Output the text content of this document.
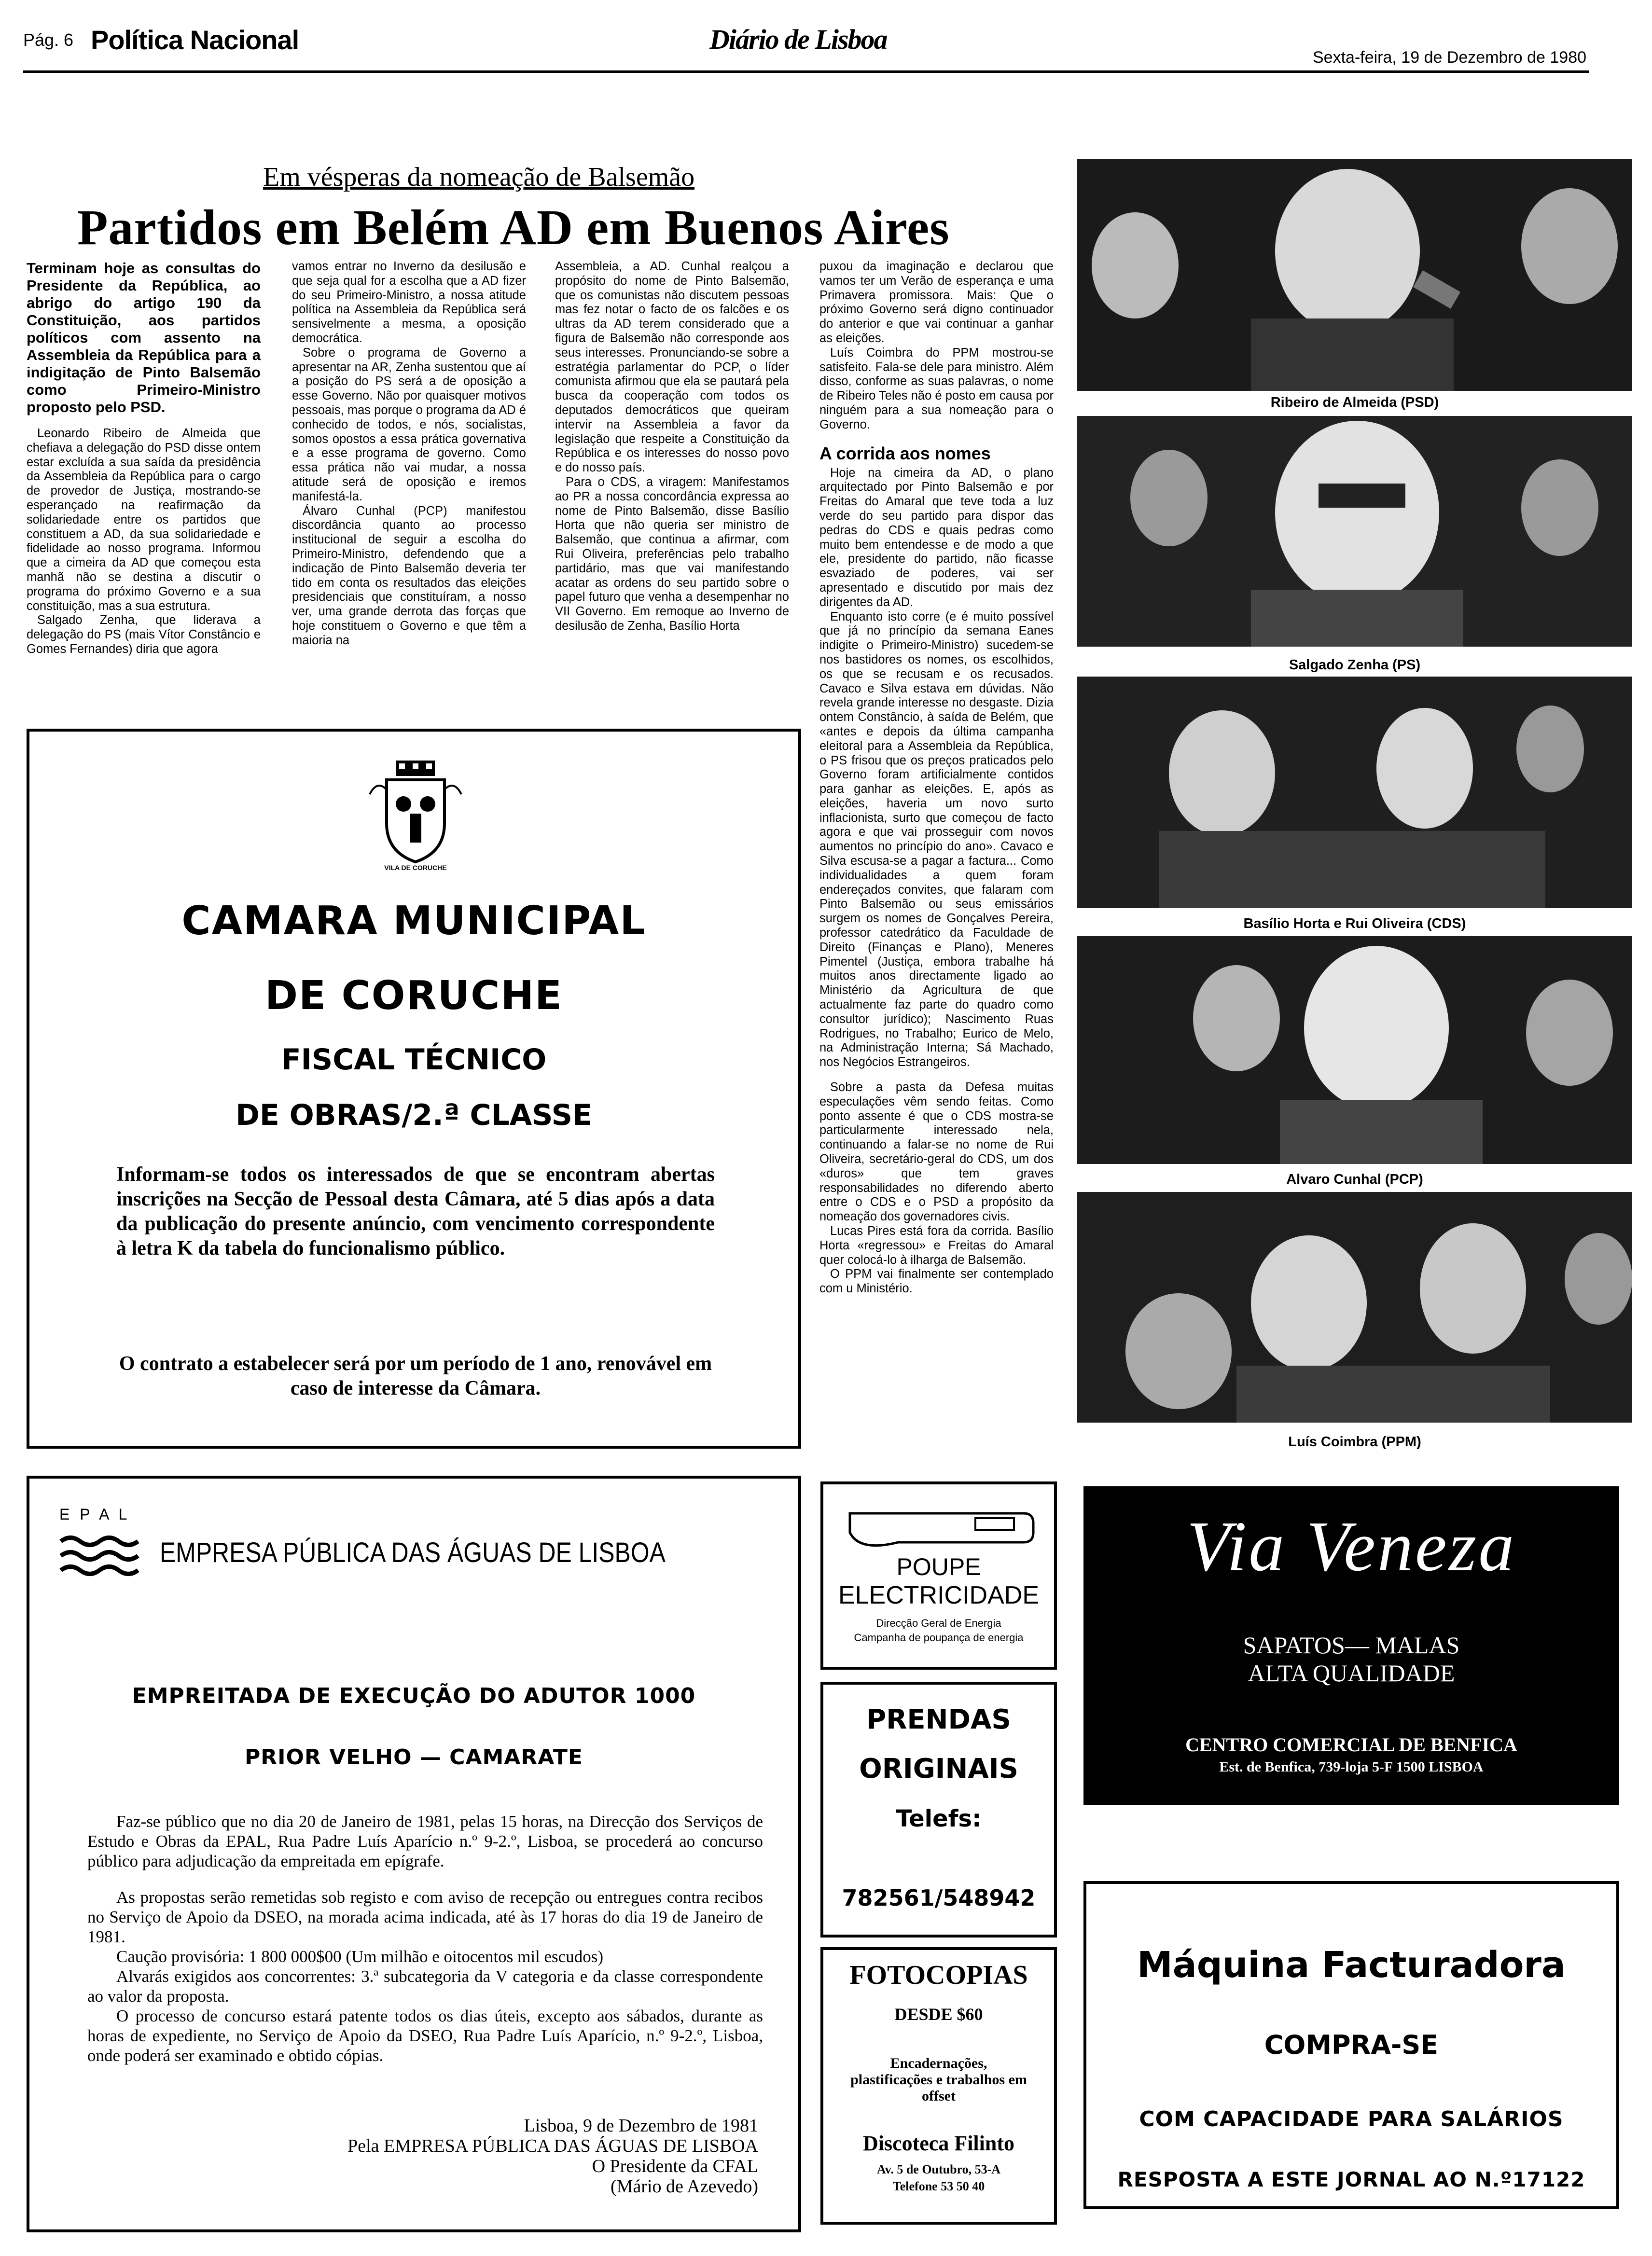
Pág. 6 Política Nacional	Diário de Lisboa
Sexta-feira, 19 de Dezembro de 1980
Em vésperas da nomeação de Balsemão
Partidos em Belém AD em Buenos Aires

Terminam hoje as consultas do Presidente da República, ao abrigo do artigo 190 da Constituição, aos partidos políticos com assento na Assembleia da República para a indigitação de Pinto Balsemão como Primeiro-Ministro proposto pelo PSD.

Leonardo Ribeiro de Almeida que chefiava a delegação do PSD disse ontem estar excluída a sua saída da presidência da Assembleia da República para o cargo de provedor de Justiça, mostrando-se esperançado na reafirmação da solidariedade entre os partidos que constituem a AD, da sua solidariedade e fidelidade ao nosso programa. Informou que a cimeira da AD que começou esta manhã não se destina a discutir o programa do próximo Governo e a sua constituição, mas a sua estrutura.

Salgado Zenha, que liderava a delegação do PS (mais Vítor Constâncio e Gomes Fernandes) diria que agora

vamos entrar no Inverno da desilusão e que seja qual for a escolha que a AD fizer do seu Primeiro-Ministro, a nossa atitude política na Assembleia da República será sensivelmente a mesma, a oposição democrática.

Sobre o programa de Governo a apresentar na AR, Zenha sustentou que aí a posição do PS será a de oposição a esse Governo. Não por quaisquer motivos pessoais, mas porque o programa da AD é conhecido de todos, e nós, socialistas, somos opostos a essa prática governativa e a esse programa de governo. Como essa prática não vai mudar, a nossa atitude será de oposição e iremos manifestá-la.

Álvaro Cunhal (PCP) manifestou discordância quanto ao processo institucional de seguir a escolha do Primeiro-Ministro, defendendo que a indicação de Pinto Balsemão deveria ter tido em conta os resultados das eleições presidenciais que constituíram, a nosso ver, uma grande derrota das forças que hoje constituem o Governo e que têm a maioria na

Assembleia, a AD. Cunhal realçou a propósito do nome de Pinto Balsemão, que os comunistas não discutem pessoas mas fez notar o facto de os falcões e os ultras da AD terem considerado que a figura de Balsemão não corresponde aos seus interesses. Pronunciando-se sobre a estratégia parlamentar do PCP, o líder comunista afirmou que ela se pautará pela busca da cooperação com todos os deputados democráticos que queiram intervir na Assembleia a favor da legislação que respeite a Constituição da República e os interesses do nosso povo e do nosso país.

Para o CDS, a viragem: Manifestamos ao PR a nossa concordância expressa ao nome de Pinto Balsemão, disse Basílio Horta que não queria ser ministro de Balsemão, que continua a afirmar, com Rui Oliveira, preferências pelo trabalho partidário, mas que vai manifestando acatar as ordens do seu partido sobre o papel futuro que venha a desempenhar no VII Governo. Em remoque ao Inverno de desilusão de Zenha, Basílio Horta

puxou da imaginação e declarou que vamos ter um Verão de esperança e uma Primavera promissora. Mais: Que o próximo Governo será digno continuador do anterior e que vai continuar a ganhar as eleições.

Luís Coimbra do PPM mostrou-se satisfeito. Fala-se dele para ministro. Além disso, conforme as suas palavras, o nome de Ribeiro Teles não é posto em causa por ninguém para a sua nomeação para o Governo.

A corrida aos nomes

Hoje na cimeira da AD, o plano arquitectado por Pinto Balsemão e por Freitas do Amaral que teve toda a luz verde do seu partido para dispor das pedras do CDS e quais pedras como muito bem entendesse e de modo a que ele, presidente do partido, não ficasse esvaziado de poderes, vai ser apresentado e discutido por mais dez dirigentes da AD.

Enquanto isto corre (e é muito possível que já no princípio da semana Eanes indigite o Primeiro-Ministro) sucedem-se nos bastidores os nomes, os escolhidos, os que se recusam e os recusados. Cavaco e Silva estava em dúvidas. Não revela grande interesse no desgaste. Dizia ontem Constâncio, à saída de Belém, que «antes e depois da última campanha eleitoral para a Assembleia da República, o PS frisou que os preços praticados pelo Governo foram artificialmente contidos para ganhar as eleições. E, após as eleições, haveria um novo surto inflacionista, surto que começou de facto agora e que vai prosseguir com novos aumentos no princípio do ano». Cavaco e Silva escusa-se a pagar a factura... Como individualidades a quem foram endereçados convites, que falaram com Pinto Balsemão ou seus emissários surgem os nomes de Gonçalves Pereira, professor catedrático da Faculdade de Direito (Finanças e Plano), Meneres Pimentel (Justiça, embora trabalhe há muitos anos directamente ligado ao Ministério da Agricultura de que actualmente faz parte do quadro como consultor jurídico); Nascimento Ruas Rodrigues, no Trabalho; Eurico de Melo, na Administração Interna; Sá Machado, nos Negócios Estrangeiros.

Sobre a pasta da Defesa muitas especulações vêm sendo feitas. Como ponto assente é que o CDS mostra-se particularmente interessado nela, continuando a falar-se no nome de Rui Oliveira, secretário-geral do CDS, um dos «duros» que tem graves responsabilidades no diferendo aberto entre o CDS e o PSD a propósito da nomeação dos governadores civis.

Lucas Pires está fora da corrida. Basílio Horta «regressou» e Freitas do Amaral quer colocá-lo à ilharga de Balsemão.

O PPM vai finalmente ser contemplado com u Ministério.

Ribeiro de Almeida (PSD)
Salgado Zenha (PS)
Basílio Horta e Rui Oliveira (CDS)
Alvaro Cunhal (PCP)
Luís Coimbra (PPM)
VILA DE CORUCHE
CAMARA MUNICIPAL
DE CORUCHE
FISCAL TÉCNICO
DE OBRAS/2.ª CLASSE
Informam-se todos os interessados de que se encontram abertas inscrições na Secção de Pessoal desta Câmara, até 5 dias após a data da publicação do presente anúncio, com vencimento correspondente à letra K da tabela do funcionalismo público.
O contrato a estabelecer será por um período de 1 ano, renovável em caso de interesse da Câmara.
E P A L
EMPRESA PÚBLICA DAS ÁGUAS DE LISBOA
EMPREITADA DE EXECUÇÃO DO ADUTOR 1000
PRIOR VELHO — CAMARATE
Faz-se público que no dia 20 de Janeiro de 1981, pelas 15 horas, na Direcção dos Serviços de Estudo e Obras da EPAL, Rua Padre Luís Aparício n.º 9-2.º, Lisboa, se procederá ao concurso público para adjudicação da empreitada em epígrafe.
As propostas serão remetidas sob registo e com aviso de recepção ou entregues contra recibos no Serviço de Apoio da DSEO, na morada acima indicada, até às 17 horas do dia 19 de Janeiro de 1981.
Caução provisória: 1 800 000$00 (Um milhão e oitocentos mil escudos)
Alvarás exigidos aos concorrentes: 3.ª subcategoria da V categoria e da classe correspondente ao valor da proposta.
O processo de concurso estará patente todos os dias úteis, excepto aos sábados, durante as horas de expediente, no Serviço de Apoio da DSEO, Rua Padre Luís Aparício, n.º 9-2.º, Lisboa, onde poderá ser examinado e obtido cópias.
Lisboa, 9 de Dezembro de 1981
Pela EMPRESA PÚBLICA DAS ÁGUAS DE LISBOA
O Presidente da CFAL
(Mário de Azevedo)
POUPE
ELECTRICIDADE
Direcção Geral de Energia
Campanha de poupança de energia
PRENDAS
ORIGINAIS
Telefs:
782561/548942
FOTOCOPIAS
DESDE $60
Encadernações, plastificações e trabalhos em offset
Discoteca Filinto
Av. 5 de Outubro, 53-A
Telefone 53 50 40
Via Veneza
SAPATOS— MALAS
ALTA QUALIDADE
CENTRO COMERCIAL DE BENFICA
Est. de Benfica, 739-loja 5-F 1500 LISBOA
Máquina Facturadora
COMPRA-SE
COM CAPACIDADE PARA SALÁRIOS
RESPOSTA A ESTE JORNAL AO N.º17122
